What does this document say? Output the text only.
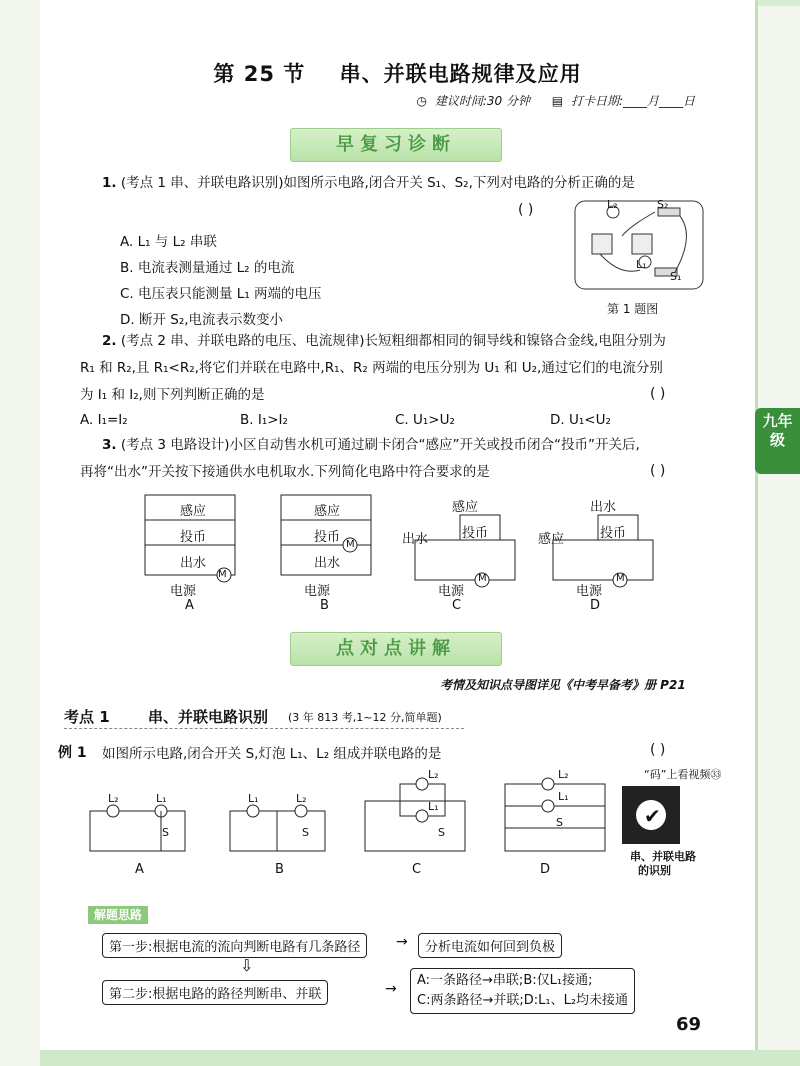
第 25 节 串、并联电路规律及应用
◷ 建议时间:30 分钟 ▤ 打卡日期:____月____日
早复习诊断
1. (考点 1 串、并联电路识别)如图所示电路,闭合开关 S₁、S₂,下列对电路的分析正确的是
( )
A. L₁ 与 L₂ 串联
B. 电流表测量通过 L₂ 的电流
C. 电压表只能测量 L₁ 两端的电压
D. 断开 S₂,电流表示数变小
L₂	S₂
L₁
S₁
第 1 题图
2. (考点 2 串、并联电路的电压、电流规律)长短粗细都相同的铜导线和镍铬合金线,电阻分别为
R₁ 和 R₂,且 R₁<R₂,将它们并联在电路中,R₁、R₂ 两端的电压分别为 U₁ 和 U₂,通过它们的电流分别
为 I₁ 和 I₂,则下列判断正确的是	( )
A. I₁=I₂	B. I₁>I₂	C. U₁>U₂	D. U₁<U₂
3. (考点 3 电路设计)小区自动售水机可通过刷卡闭合“感应”开关或投币闭合“投币”开关后,
再将“出水”开关按下接通供水电机取水.下列简化电路中符合要求的是	( )
感应
投币
出水
M
电源
A
感应
投币
出水
M
电源
B
感应
投币
出水
M
电源
C
出水
投币
感应
M
电源
D
点对点讲解
考情及知识点导图详见《中考早备考》册 P21
考点 1	串、并联电路识别 (3 年 813 考,1~12 分,简单题)
例 1 如图所示电路,闭合开关 S,灯泡 L₁、L₂ 组成并联电路的是	( )
L₂	L₁
S
A
L₁	L₂
S
B
L₂
L₁
S
C
L₂
L₁
S
D
“码”上看视频㉝
✔
串、并联电路
的识别
解题思路
第一步:根据电流的流向判断电路有几条路径	分析电流如何回到负极
→
⇩
第二步:根据电路的路径判断串、并联	→
A:一条路径→串联;B:仅L₁接通;
C:两条路径→并联;D:L₁、L₂均未接通
69
九年
级
